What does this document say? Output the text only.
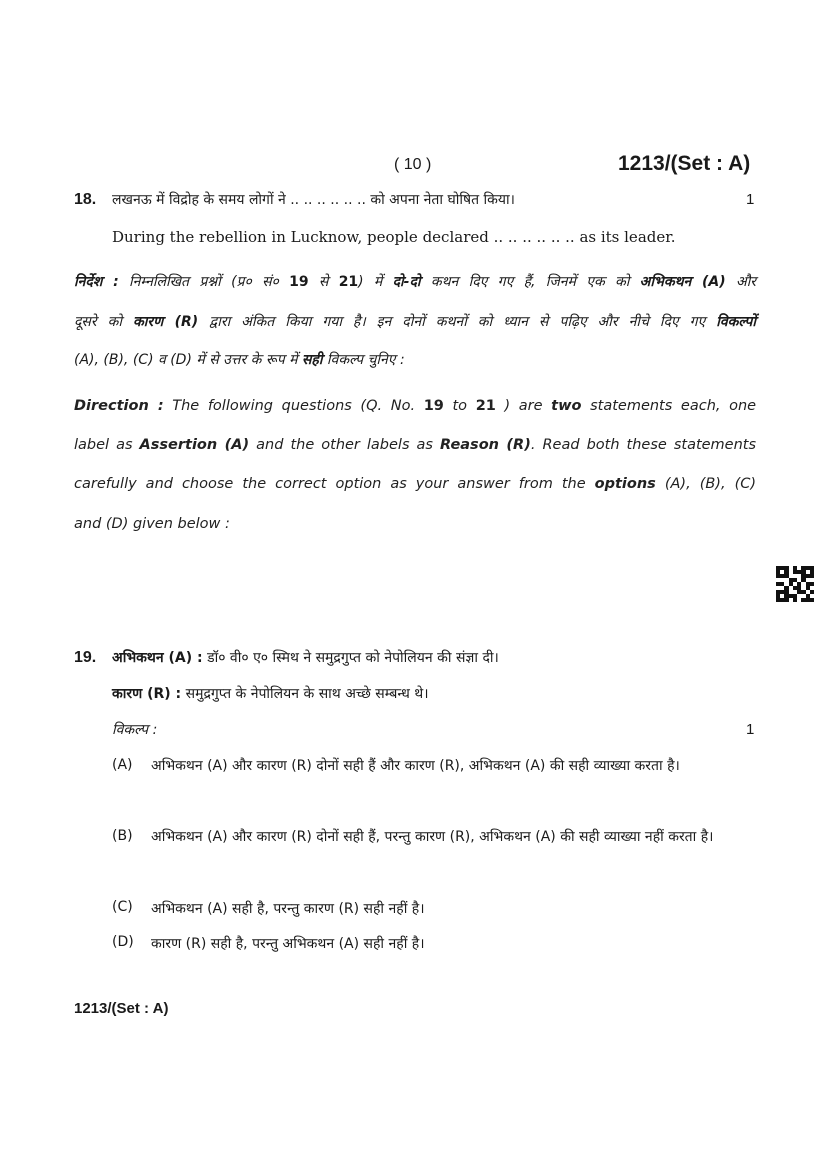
( 10 )	1213/(Set : A)
18. लखनऊ में विद्रोह के समय लोगों ने .. .. .. .. .. .. को अपना नेता घोषित किया।	1
During the rebellion in Lucknow, people declared .. .. .. .. .. .. as its leader.
निर्देश : निम्नलिखित प्रश्नों (प्र० सं० 19 से 21) में दो-दो कथन दिए गए हैं, जिनमें एक को अभिकथन (A) और
दूसरे को कारण (R) द्वारा अंकित किया गया है। इन दोनों कथनों को ध्यान से पढ़िए और नीचे दिए गए विकल्पों
(A), (B), (C) व (D) में से उत्तर के रूप में सही विकल्प चुनिए :
Direction : The following questions (Q. No. 19 to 21 ) are two statements each, one
label as Assertion (A) and the other labels as Reason (R). Read both these statements
carefully and choose the correct option as your answer from the options (A), (B), (C)
and (D) given below :
19. अभिकथन (A) : डॉ० वी० ए० स्मिथ ने समुद्रगुप्त को नेपोलियन की संज्ञा दी।
कारण (R) : समुद्रगुप्त के नेपोलियन के साथ अच्छे सम्बन्ध थे।
विकल्प :	1
(A) अभिकथन (A) और कारण (R) दोनों सही हैं और कारण (R), अभिकथन (A) की सही व्याख्या करता है।
(B) अभिकथन (A) और कारण (R) दोनों सही हैं, परन्तु कारण (R), अभिकथन (A) की सही व्याख्या नहीं करता है।
(C) अभिकथन (A) सही है, परन्तु कारण (R) सही नहीं है।
(D) कारण (R) सही है, परन्तु अभिकथन (A) सही नहीं है।
1213/(Set : A)
